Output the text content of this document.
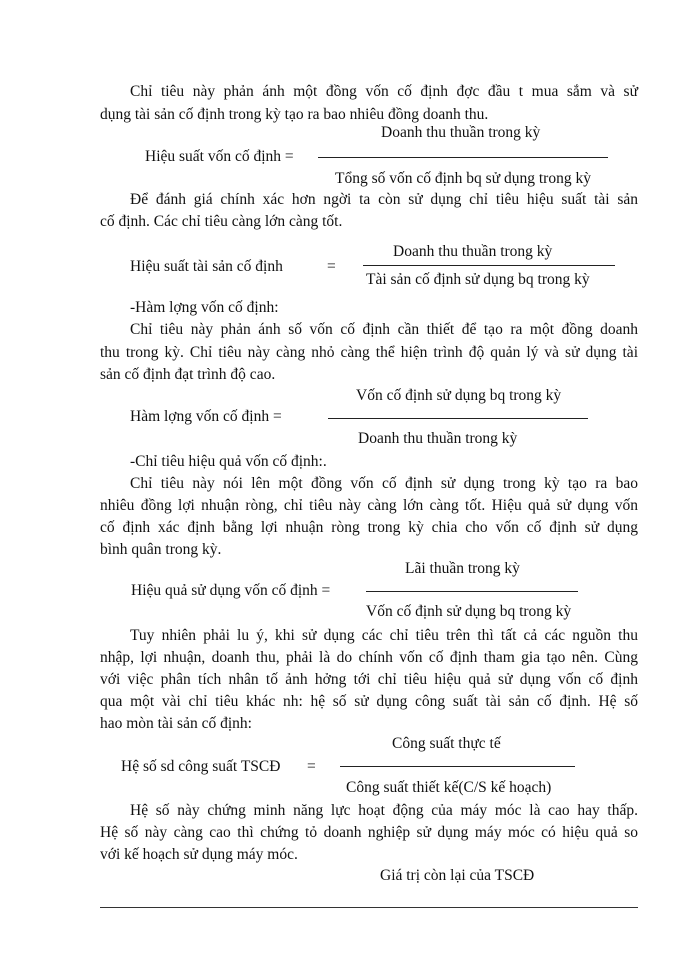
Chỉ tiêu này phản ánh một đồng vốn cố định đợc đầu t mua sắm và sử
dụng tài sản cố định trong kỳ tạo ra bao nhiêu đồng doanh thu.
Doanh thu thuần trong kỳ
Hiệu suất vốn cố định =
Tổng số vốn cố định bq sử dụng trong kỳ
Để đánh giá chính xác hơn ngời ta còn sử dụng chỉ tiêu hiệu suất tài sản
cố định. Các chỉ tiêu càng lớn càng tốt.
Doanh thu thuần trong kỳ
Hiệu suất tài sản cố định	=
Tài sản cố định sử dụng bq trong kỳ
-Hàm lợng vốn cố định:
Chỉ tiêu này phản ánh số vốn cố định cần thiết để tạo ra một đồng doanh
thu trong kỳ. Chỉ tiêu này càng nhỏ càng thể hiện trình độ quản lý và sử dụng tài
sản cố định đạt trình độ cao.
Vốn cố định sử dụng bq trong kỳ
Hàm lợng vốn cố định =
Doanh thu thuần trong kỳ
-Chỉ tiêu hiệu quả vốn cố định:.
Chỉ tiêu này nói lên một đồng vốn cố định sử dụng trong kỳ tạo ra bao
nhiêu đồng lợi nhuận ròng, chỉ tiêu này càng lớn càng tốt. Hiệu quả sử dụng vốn
cố định xác định bằng lợi nhuận ròng trong kỳ chia cho vốn cố định sử dụng
bình quân trong kỳ.
Lãi thuần trong kỳ
Hiệu quả sử dụng vốn cố định =
Vốn cố định sử dụng bq trong kỳ
Tuy nhiên phải lu ý, khi sử dụng các chỉ tiêu trên thì tất cả các nguồn thu
nhập, lợi nhuận, doanh thu, phải là do chính vốn cố định tham gia tạo nên. Cùng
với việc phân tích nhân tố ảnh hởng tới chỉ tiêu hiệu quả sử dụng vốn cố định
qua một vài chỉ tiêu khác nh: hệ số sử dụng công suất tài sản cố định. Hệ số
hao mòn tài sản cố định:
Công suất thực tế
Hệ số sd công suất TSCĐ =
Công suất thiết kế(C/S kế hoạch)
Hệ số này chứng minh năng lực hoạt động của máy móc là cao hay thấp.
Hệ số này càng cao thì chứng tỏ doanh nghiệp sử dụng máy móc có hiệu quả so
với kế hoạch sử dụng máy móc.
Giá trị còn lại của TSCĐ
